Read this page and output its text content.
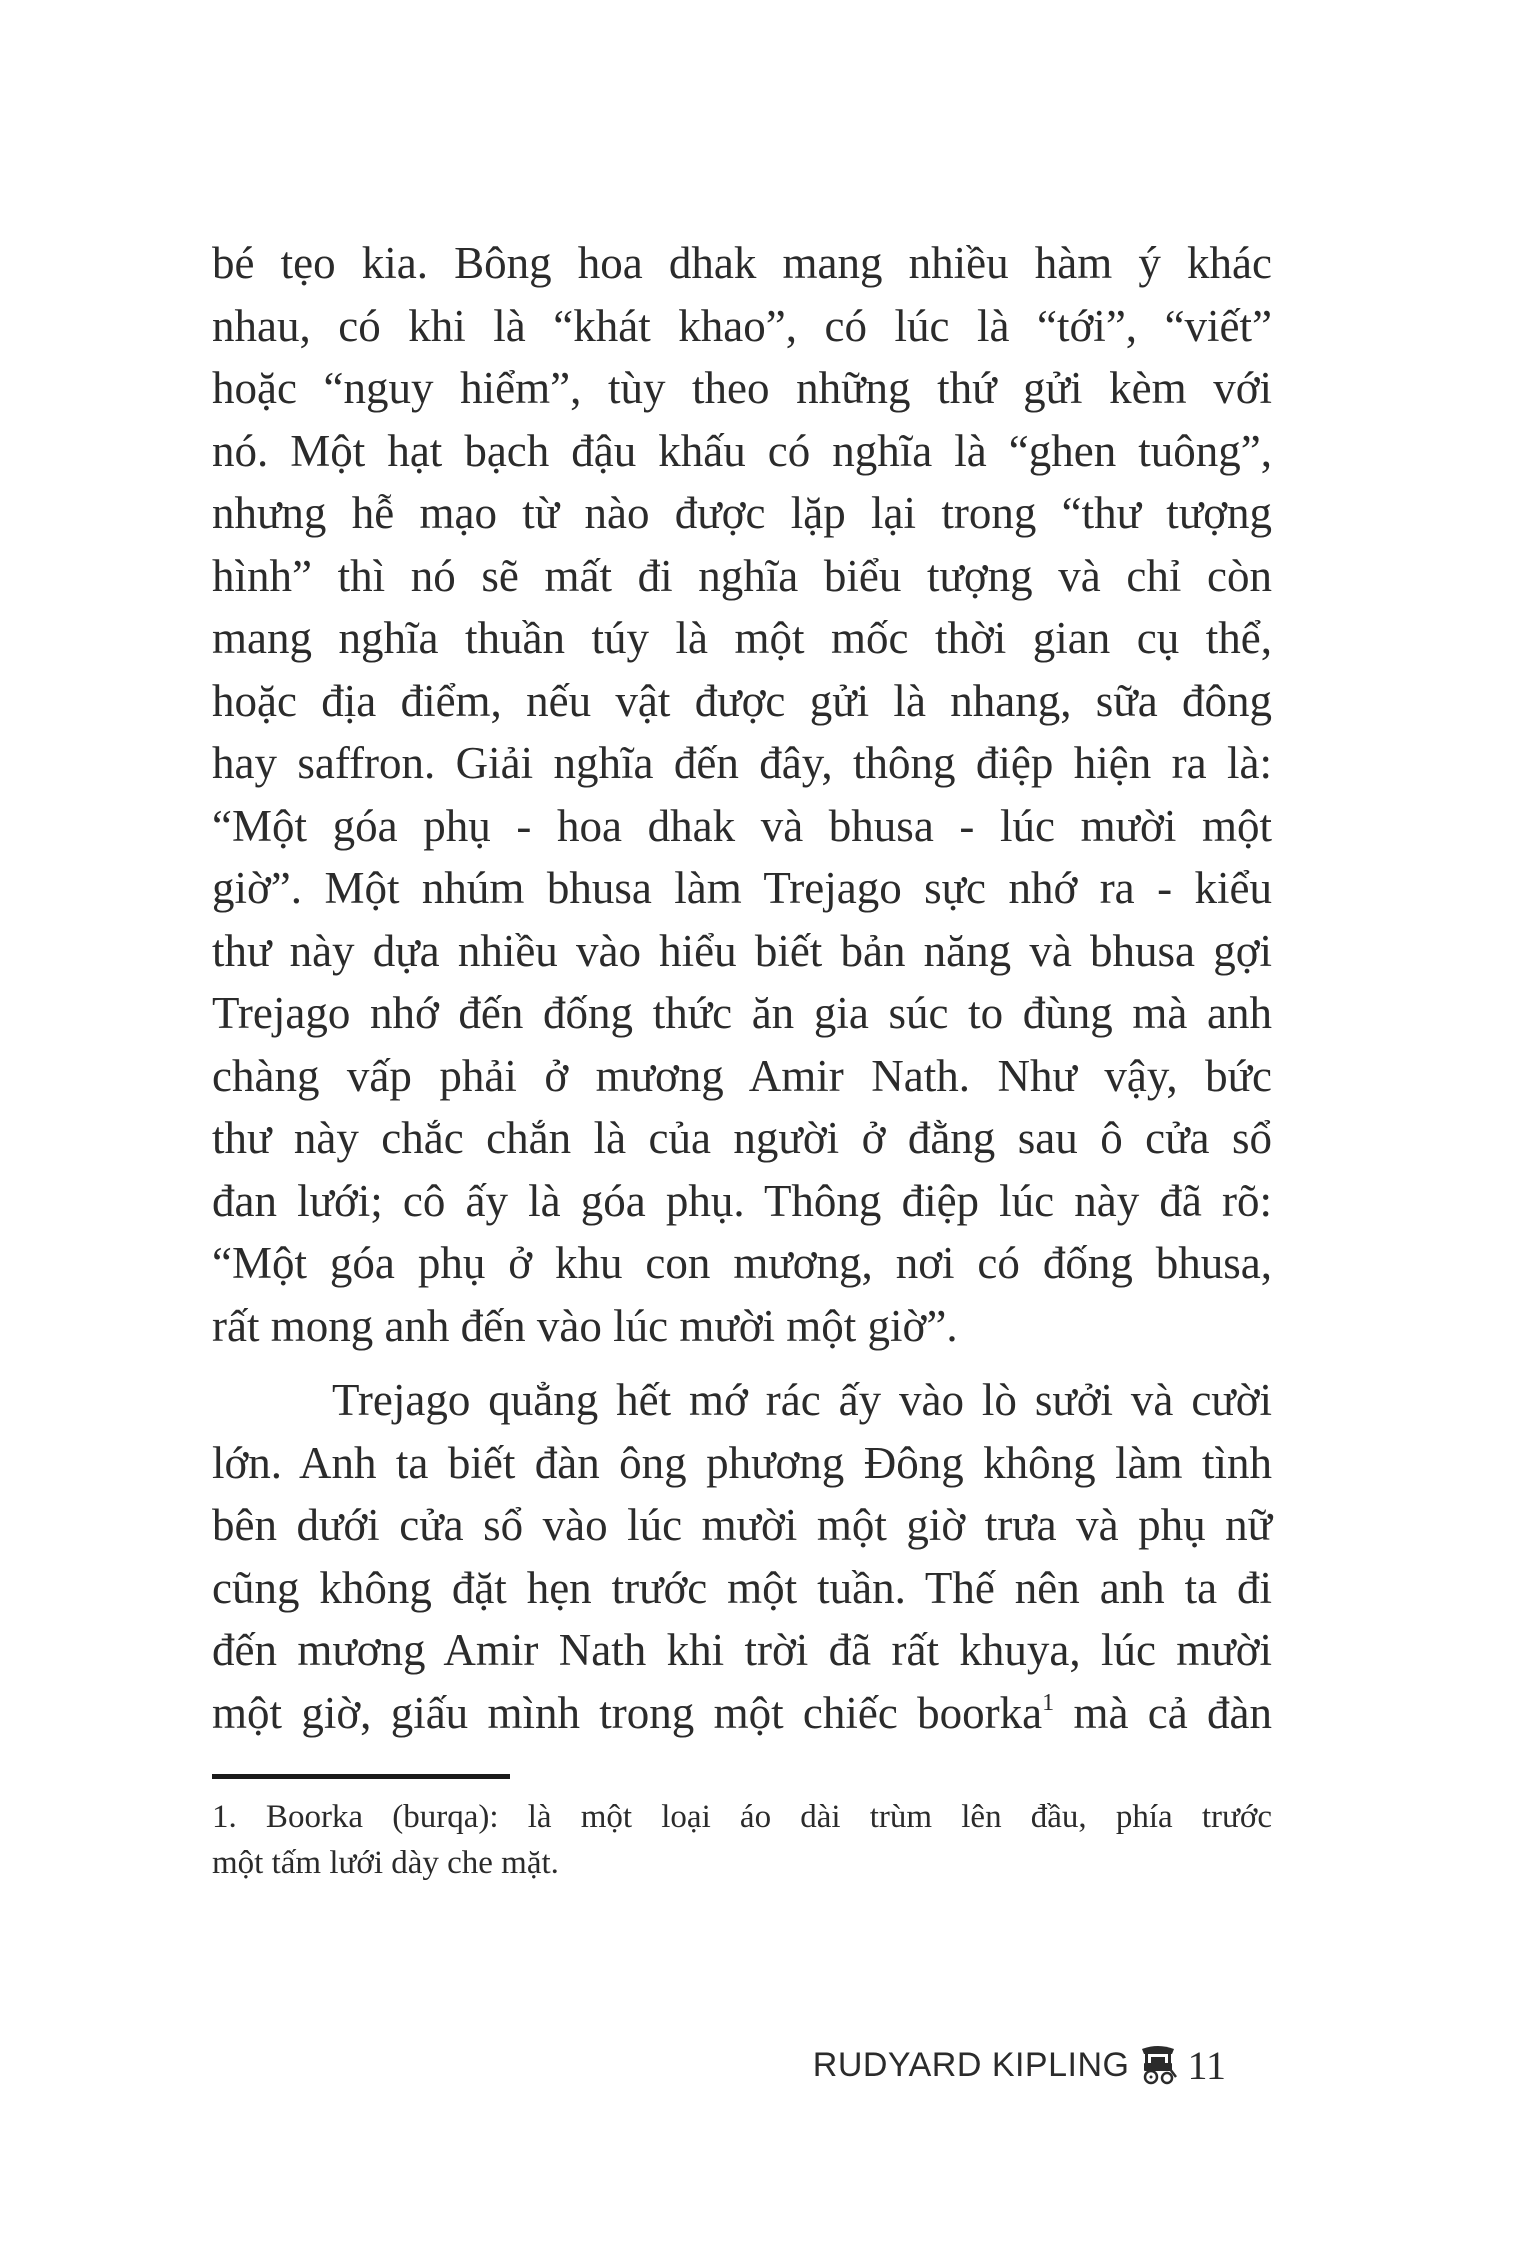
bé tẹo kia. Bông hoa dhak mang nhiều hàm ý khác
nhau, có khi là “khát khao”, có lúc là “tới”, “viết”
hoặc “nguy hiểm”, tùy theo những thứ gửi kèm với
nó. Một hạt bạch đậu khấu có nghĩa là “ghen tuông”,
nhưng hễ mạo từ nào được lặp lại trong “thư tượng
hình” thì nó sẽ mất đi nghĩa biểu tượng và chỉ còn
mang nghĩa thuần túy là một mốc thời gian cụ thể,
hoặc địa điểm, nếu vật được gửi là nhang, sữa đông
hay saffron. Giải nghĩa đến đây, thông điệp hiện ra là:
“Một góa phụ - hoa dhak và bhusa - lúc mười một
giờ”. Một nhúm bhusa làm Trejago sực nhớ ra - kiểu
thư này dựa nhiều vào hiểu biết bản năng và bhusa gợi
Trejago nhớ đến đống thức ăn gia súc to đùng mà anh
chàng vấp phải ở mương Amir Nath. Như vậy, bức
thư này chắc chắn là của người ở đằng sau ô cửa sổ
đan lưới; cô ấy là góa phụ. Thông điệp lúc này đã rõ:
“Một góa phụ ở khu con mương, nơi có đống bhusa,
rất mong anh đến vào lúc mười một giờ”.
Trejago quẳng hết mớ rác ấy vào lò sưởi và cười
lớn. Anh ta biết đàn ông phương Đông không làm tình
bên dưới cửa sổ vào lúc mười một giờ trưa và phụ nữ
cũng không đặt hẹn trước một tuần. Thế nên anh ta đi
đến mương Amir Nath khi trời đã rất khuya, lúc mười
một giờ, giấu mình trong một chiếc boorka$^1$ mà cả đàn
1. Boorka (burqa): là một loại áo dài trùm lên đầu, phía trước
một tấm lưới dày che mặt.
RUDYARD KIPLING 11
